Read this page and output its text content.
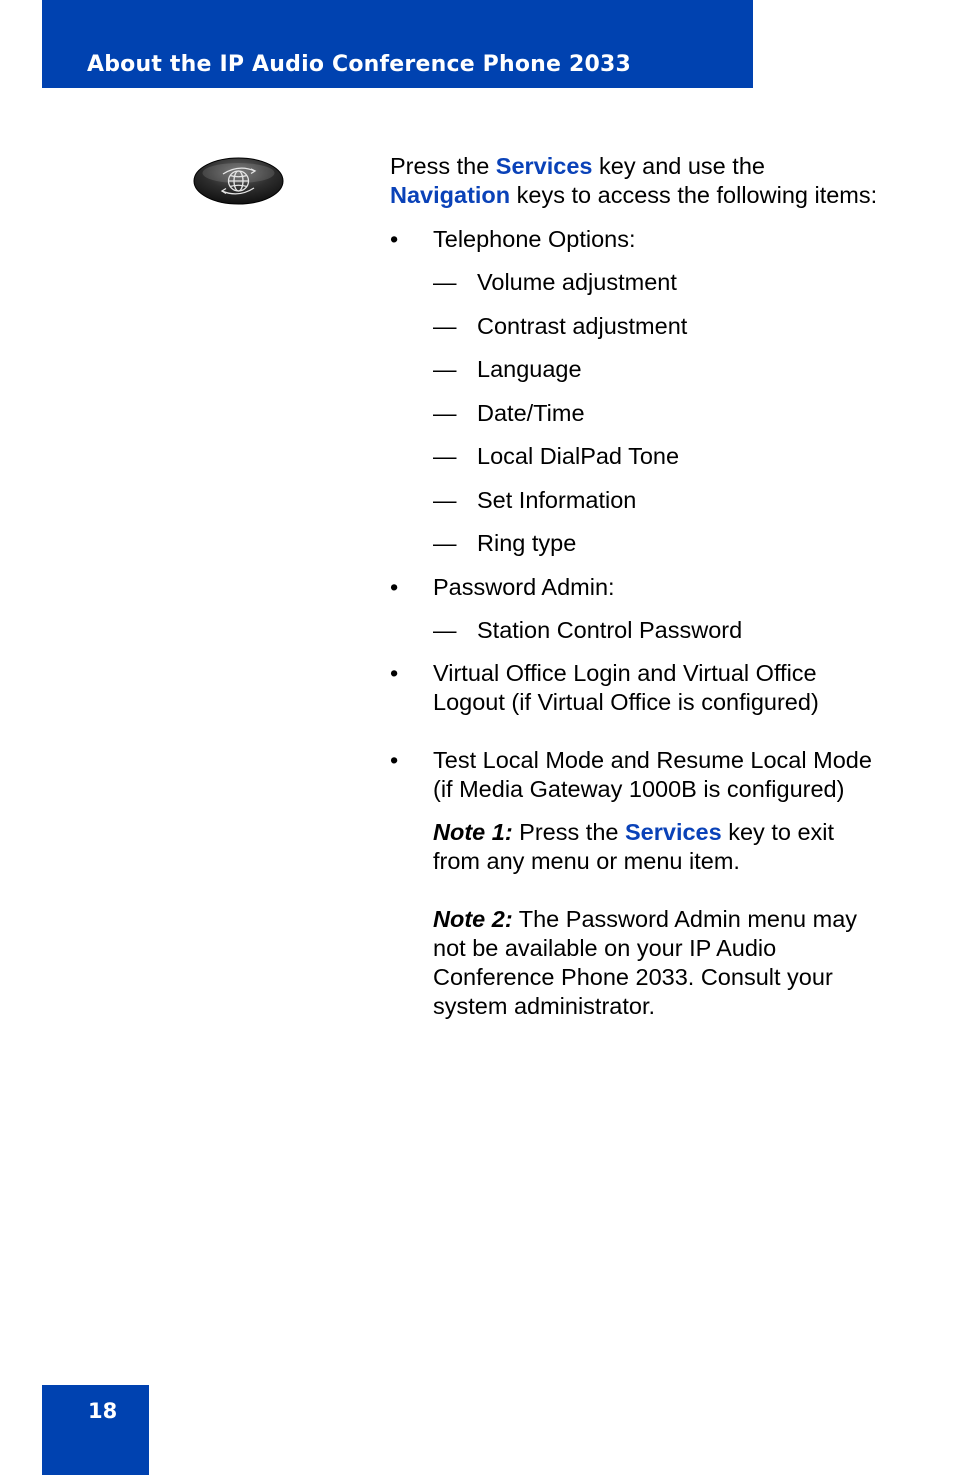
About the IP Audio Conference Phone 2033

Press the Services key and use the Navigation keys to access the following items:

• Telephone Options:
— Volume adjustment
— Contrast adjustment
— Language
— Date/Time
— Local DialPad Tone
— Set Information
— Ring type
• Password Admin:
— Station Control Password
• Virtual Office Login and Virtual Office Logout (if Virtual Office is configured)
• Test Local Mode and Resume Local Mode (if Media Gateway 1000B is configured)

Note 1: Press the Services key to exit from any menu or menu item.

Note 2: The Password Admin menu may not be available on your IP Audio Conference Phone 2033. Consult your system administrator.

18
